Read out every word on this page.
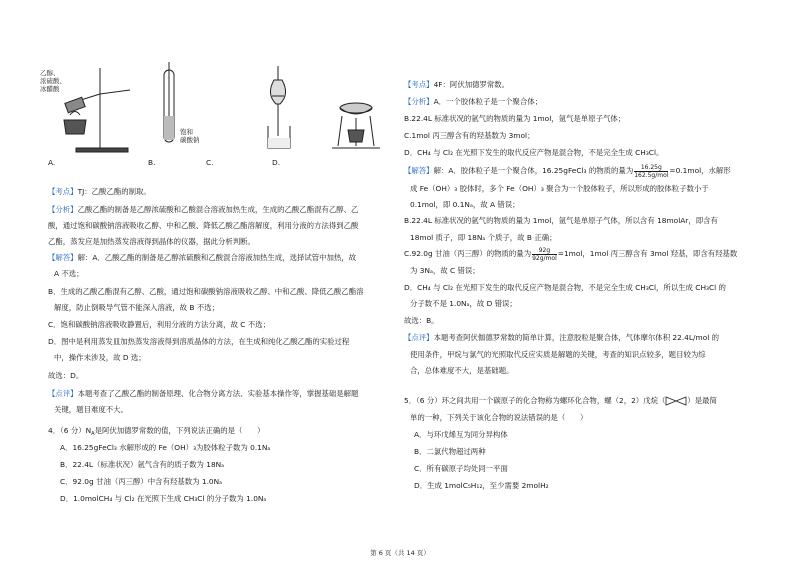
乙醇、
浓硫酸、
冰醋酸
饱和
碳酸钠
A.	B.	C.	D.
【考点】TJ：乙酸乙酯的制取。
【分析】乙酸乙酯的制备是乙醇浓硫酸和乙酸混合溶液加热生成，生成的乙酸乙酯混有乙醇、乙
酸，通过饱和碳酸钠溶液吸收乙醇、中和乙酸、降低乙酸乙酯溶解度，利用分液的方法得到乙酸
乙酯，蒸发应是加热蒸发溶液得到晶体的仪器，据此分析判断。
【解答】解：A．乙酸乙酯的制备是乙醇浓硫酸和乙酸混合溶液加热生成，选择试管中加热，故
A 不选；
B．生成的乙酸乙酯混有乙醇、乙酸，通过饱和碳酸钠溶液吸收乙醇、中和乙酸、降低乙酸乙酯溶
解度，防止倒吸导气管不能深入溶液，故 B 不选；
C．饱和碳酸钠溶液吸收静置后，利用分液的方法分离，故 C 不选；
D．图中是利用蒸发皿加热蒸发溶液得到溶质晶体的方法，在生成和纯化乙酸乙酯的实验过程
中，操作未涉及，故 D 选；
故选：D。
【点评】本题考查了乙酸乙酯的制备原理、化合物分离方法、实验基本操作等，掌握基础是解题
关键，题目难度不大。
4．（6 分）$N_A$是阿伏加德罗常数的值，下列说法正确的是（　　）
A．16.25gFeCl₃ 水解形成的 Fe（OH）₃为胶体粒子数为 0.1Nₐ
B．22.4L（标准状况）氩气含有的质子数为 18Nₐ
C．92.0g 甘油（丙三醇）中含有羟基数为 1.0Nₐ
D．1.0molCH₄ 与 Cl₂ 在光照下生成 CH₃Cl 的分子数为 1.0Nₐ
【考点】4F：阿伏加德罗常数。
【分析】A．一个胶体粒子是一个聚合体；
B.22.4L 标准状况的氩气的物质的量为 1mol，氩气是单原子气体；
C.1mol 丙三醇含有的羟基数为 3mol；
D．CH₄ 与 Cl₂ 在光照下发生的取代反应产物是混合物，不是完全生成 CH₃Cl。
【解答】解：A．胶体粒子是一个聚合体，16.25gFeCl₃ 的物质的量为 $\frac{16.25g}{\text{162.5g/mol}} =0.1mol$，水解形
成 Fe（OH）₃ 胶体时，多个 Fe（OH）₃ 聚合为一个胶体粒子，所以形成的胶体粒子数小于
0.1mol，即 0.1Nₐ，故 A 错误；
B.22.4L 标准状况的氩气的物质的量为 1mol，氩气是单原子气体，所以含有 18molAr，即含有
18mol 质子，即 18Nₐ 个质子，故 B 正确；
C.92.0g 甘油（丙三醇）的物质的量为 $\frac{92g}{\text{92g/mol}} =1mol$，1mol 丙三醇含有 3mol 羟基，即含有羟基数
为 3Nₐ，故 C 错误；
D．CH₄ 与 Cl₂ 在光照下发生的取代反应产物是混合物，不是完全生成 CH₃Cl，所以生成 CH₃Cl 的
分子数不是 1.0Nₐ，故 D 错误；
故选：B。
【点评】本题考查阿伏伽德罗常数的简单计算，注意胶粒是聚合体，气体摩尔体积 22.4L/mol 的
使用条件，甲烷与氯气的光照取代反应实质是解题的关键，考查的知识点较多，题目较为综
合，总体难度不大，是基础题。
5．（6 分）环之间共用一个碳原子的化合物称为螺环化合物，螺（2，2）戊烷（	）是最简
单的一种，下列关于该化合物的说法错误的是（　　）
A．与环戊烯互为同分异构体
B．二氯代物超过两种
C．所有碳原子均处同一平面
D．生成 1molC₅H₁₂，至少需要 2molH₂
第 6 页（共 14 页）
